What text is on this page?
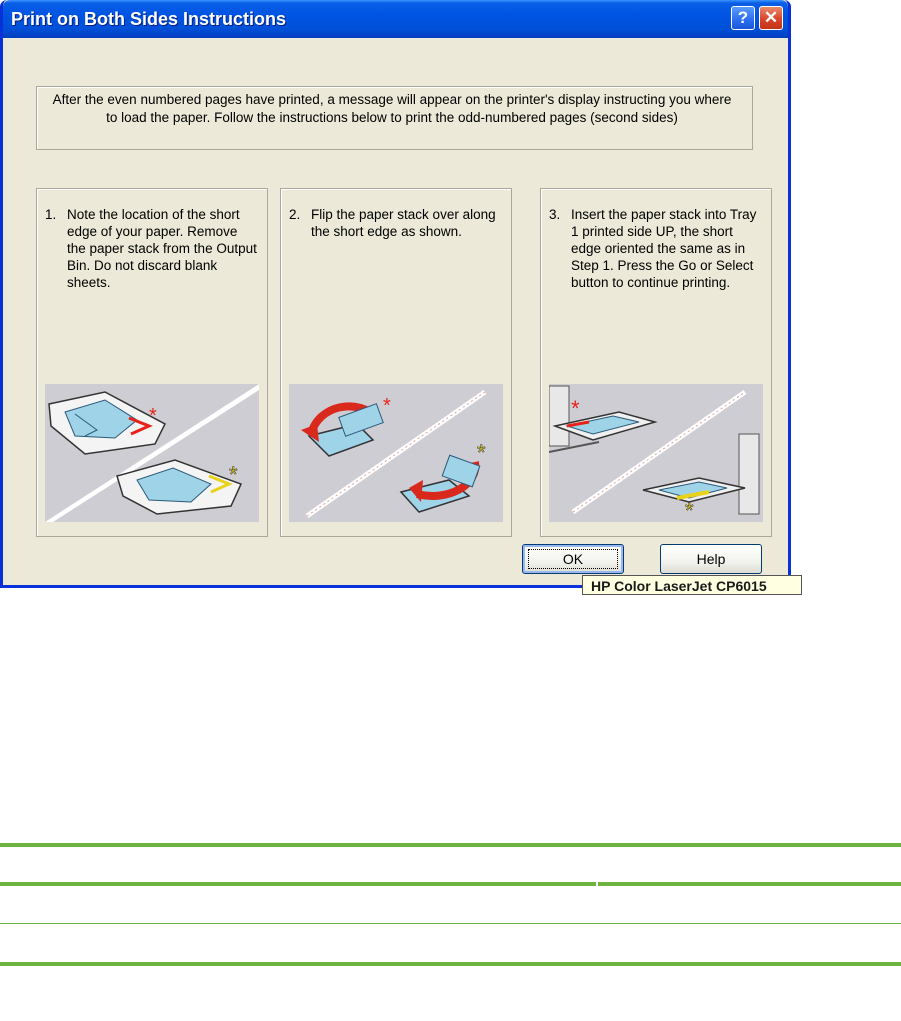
Print on Both Sides Instructions	? ✕
After the even numbered pages have printed, a message will appear on the printer's display instructing you where to load the paper. Follow the instructions below to print the odd-numbered pages (second sides)
1. Note the location of the short edge of your paper. Remove the paper stack from the Output Bin. Do not discard blank sheets.
*
*
2. Flip the paper stack over along the short edge as shown.
*
*
3. Insert the paper stack into Tray 1 printed side UP, the short edge oriented the same as in Step 1. Press the Go or Select button to continue printing.
*
*
OK	Help
HP Color LaserJet CP6015
